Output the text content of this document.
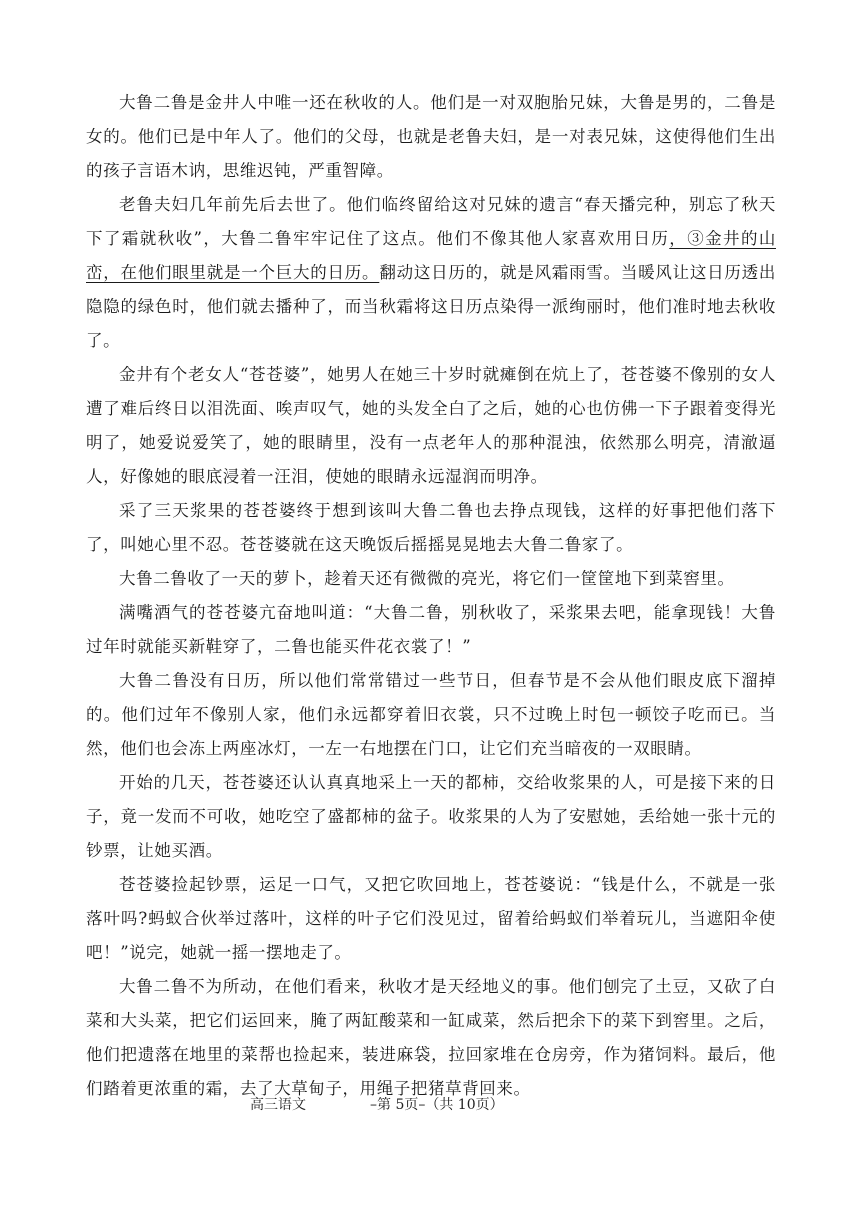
大鲁二鲁是金井人中唯一还在秋收的人。他们是一对双胞胎兄妹，大鲁是男的，二鲁是女的。他们已是中年人了。他们的父母，也就是老鲁夫妇，是一对表兄妹，这使得他们生出的孩子言语木讷，思维迟钝，严重智障。

老鲁夫妇几年前先后去世了。他们临终留给这对兄妹的遗言“春天播完种，别忘了秋天下了霜就秋收”，大鲁二鲁牢牢记住了这点。他们不像其他人家喜欢用日历，③金井的山峦，在他们眼里就是一个巨大的日历。翻动这日历的，就是风霜雨雪。当暖风让这日历透出隐隐的绿色时，他们就去播种了，而当秋霜将这日历点染得一派绚丽时，他们准时地去秋收了。

金井有个老女人“苍苍婆”，她男人在她三十岁时就瘫倒在炕上了，苍苍婆不像别的女人遭了难后终日以泪洗面、唉声叹气，她的头发全白了之后，她的心也仿佛一下子跟着变得光明了，她爱说爱笑了，她的眼睛里，没有一点老年人的那种混浊，依然那么明亮，清澈逼人，好像她的眼底浸着一汪泪，使她的眼睛永远湿润而明净。

采了三天浆果的苍苍婆终于想到该叫大鲁二鲁也去挣点现钱，这样的好事把他们落下了，叫她心里不忍。苍苍婆就在这天晚饭后摇摇晃晃地去大鲁二鲁家了。

大鲁二鲁收了一天的萝卜，趁着天还有微微的亮光，将它们一筐筐地下到菜窖里。

满嘴酒气的苍苍婆亢奋地叫道：“大鲁二鲁，别秋收了，采浆果去吧，能拿现钱！大鲁过年时就能买新鞋穿了，二鲁也能买件花衣裳了！”

大鲁二鲁没有日历，所以他们常常错过一些节日，但春节是不会从他们眼皮底下溜掉的。他们过年不像别人家，他们永远都穿着旧衣裳，只不过晚上时包一顿饺子吃而已。当然，他们也会冻上两座冰灯，一左一右地摆在门口，让它们充当暗夜的一双眼睛。

开始的几天，苍苍婆还认认真真地采上一天的都柿，交给收浆果的人，可是接下来的日子，竟一发而不可收，她吃空了盛都柿的盆子。收浆果的人为了安慰她，丢给她一张十元的钞票，让她买酒。

苍苍婆捡起钞票，运足一口气，又把它吹回地上，苍苍婆说：“钱是什么，不就是一张落叶吗?蚂蚁合伙举过落叶，这样的叶子它们没见过，留着给蚂蚁们举着玩儿，当遮阳伞使吧！”说完，她就一摇一摆地走了。

大鲁二鲁不为所动，在他们看来，秋收才是天经地义的事。他们刨完了土豆，又砍了白菜和大头菜，把它们运回来，腌了两缸酸菜和一缸咸菜，然后把余下的菜下到窖里。之后，他们把遗落在地里的菜帮也捡起来，装进麻袋，拉回家堆在仓房旁，作为猪饲料。最后，他们踏着更浓重的霜，去了大草甸子，用绳子把猪草背回来。

高三语文	–第 5页–（共 10页）
